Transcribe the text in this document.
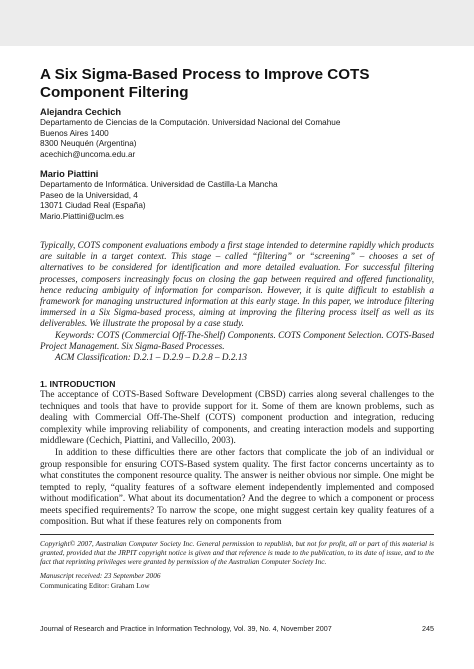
A Six Sigma-Based Process to Improve COTS Component Filtering
Alejandra Cechich
Departamento de Ciencias de la Computación. Universidad Nacional del Comahue
Buenos Aires 1400
8300 Neuquén (Argentina)
acechich@uncoma.edu.ar
Mario Piattini
Departamento de Informática. Universidad de Castilla-La Mancha
Paseo de la Universidad, 4
13071 Ciudad Real (España)
Mario.Piattini@uclm.es

Typically, COTS component evaluations embody a first stage intended to determine rapidly which products are suitable in a target context. This stage – called “filtering” or “screening” – chooses a set of alternatives to be considered for identification and more detailed evaluation. For successful filtering processes, composers increasingly focus on closing the gap between required and offered functionality, hence reducing ambiguity of information for comparison. However, it is quite difficult to establish a framework for managing unstructured information at this early stage. In this paper, we introduce filtering immersed in a Six Sigma-based process, aiming at improving the filtering process itself as well as its deliverables. We illustrate the proposal by a case study.

Keywords: COTS (Commercial Off-The-Shelf) Components. COTS Component Selection. COTS-Based Project Management. Six Sigma-Based Processes.

ACM Classification: D.2.1 – D.2.9 – D.2.8 – D.2.13

1. INTRODUCTION

The acceptance of COTS-Based Software Development (CBSD) carries along several challenges to the techniques and tools that have to provide support for it. Some of them are known problems, such as dealing with Commercial Off-The-Shelf (COTS) component production and integration, reducing complexity while improving reliability of components, and creating interaction models and supporting middleware (Cechich, Piattini, and Vallecillo, 2003).

In addition to these difficulties there are other factors that complicate the job of an individual or group responsible for ensuring COTS-Based system quality. The first factor concerns uncertainty as to what constitutes the component resource quality. The answer is neither obvious nor simple. One might be tempted to reply, “quality features of a software element independently implemented and composed without modification”. What about its documentation? And the degree to which a component or process meets specified requirements? To narrow the scope, one might suggest certain key quality features of a composition. But what if these features rely on components from

Copyright© 2007, Australian Computer Society Inc. General permission to republish, but not for profit, all or part of this material is granted, provided that the JRPIT copyright notice is given and that reference is made to the publication, to its date of issue, and to the fact that reprinting privileges were granted by permission of the Australian Computer Society Inc.
Manuscript received: 23 September 2006
Communicating Editor: Graham Low
Journal of Research and Practice in Information Technology, Vol. 39, No. 4, November 2007	245
